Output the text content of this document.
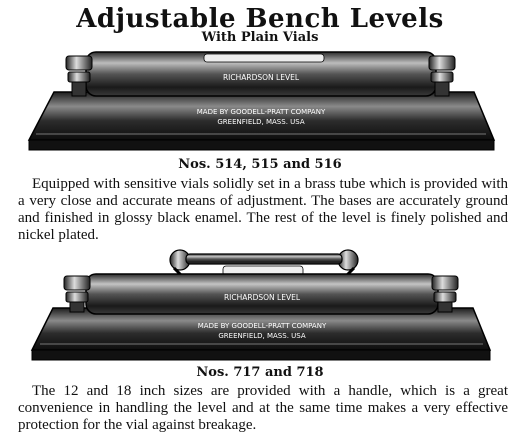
Adjustable Bench Levels
With Plain Vials
RICHARDSON LEVEL
MADE BY GOODELL-PRATT COMPANY
GREENFIELD, MASS. USA
Nos. 514, 515 and 516
Equipped with sensitive vials solidly set in a brass tube which is provided with a very close and accurate means of adjustment. The bases are accurately ground and finished in glossy black enamel. The rest of the level is finely polished and nickel plated.
RICHARDSON LEVEL
MADE BY GOODELL-PRATT COMPANY
GREENFIELD, MASS. USA
Nos. 717 and 718
The 12 and 18 inch sizes are provided with a handle, which is a great convenience in handling the level and at the same time makes a very effective protection for the vial against breakage.
